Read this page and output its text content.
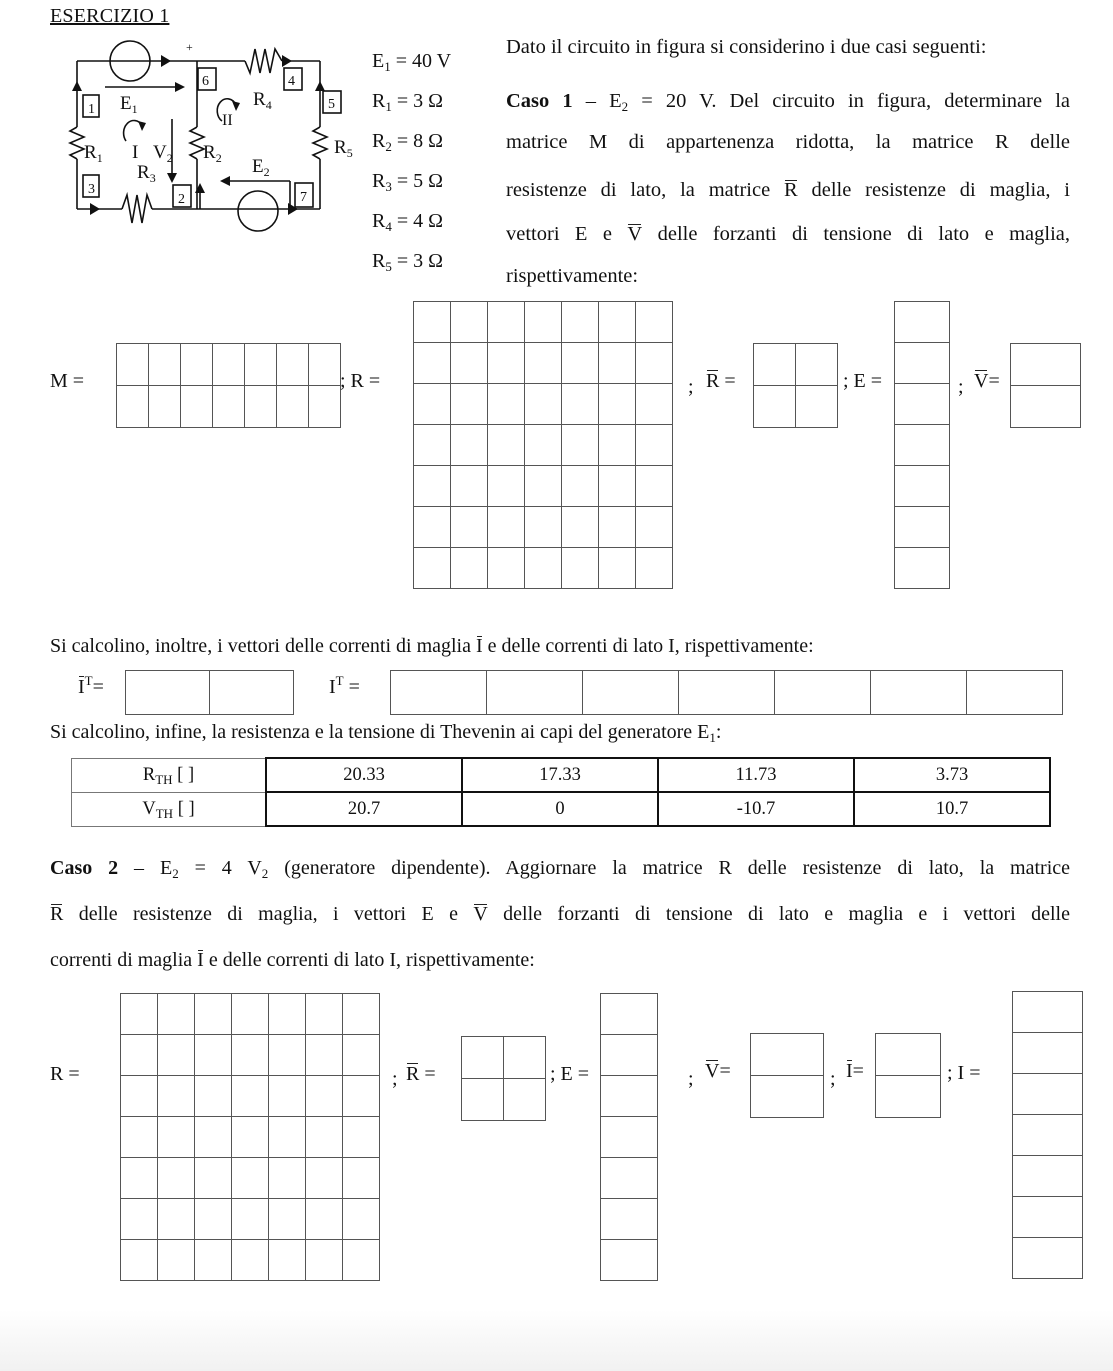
ESERCIZIO 1
+
1
6
3
2
4
5
7
$E_1$
$R_1$ I $V_2$
$R_3$
$R_2$ $E_2$
$R_4$
II
$R_5$
$E_1 = 40$ V
$R_1 = 3$ Ω
$R_2 = 8$ Ω
$R_3 = 5$ Ω
$R_4 = 4$ Ω
$R_5 = 3$ Ω
Dato il circuito in figura si considerino i due casi seguenti:
Caso $1 - E_2 = 20$ V. Del circuito in figura, determinare la
matrice M di appartenenza ridotta, la matrice R delle
resistenze di lato, la matrice R delle resistenze di maglia, i
vettori E e V delle forzanti di tensione di lato e maglia,
rispettivamente:
M =

							; R =

							; R =

		; E =	; V=

Si calcolino, inoltre, i vettori delle correnti di maglia I e delle correnti di lato I, rispettivamente:
$I^T=$
		$I^T$ =

Si calcolino, infine, la resistenza e la tensione di Thevenin ai capi del generatore $E_1$:
$R_{TH}$ [ ]	20.33	17.33	11.73	3.73
$V_{TH}$ [ ]	20.7	0	-10.7	10.7
Caso $2 - E_2 = 4$ $V_2$ (generatore dipendente). Aggiornare la matrice R delle resistenze di lato, la matrice
R delle resistenze di maglia, i vettori E e V delle forzanti di tensione di lato e maglia e i vettori delle
correnti di maglia I e delle correnti di lato I, rispettivamente:
R =

							; R =

		; E =	; V=	; I=	; I =
